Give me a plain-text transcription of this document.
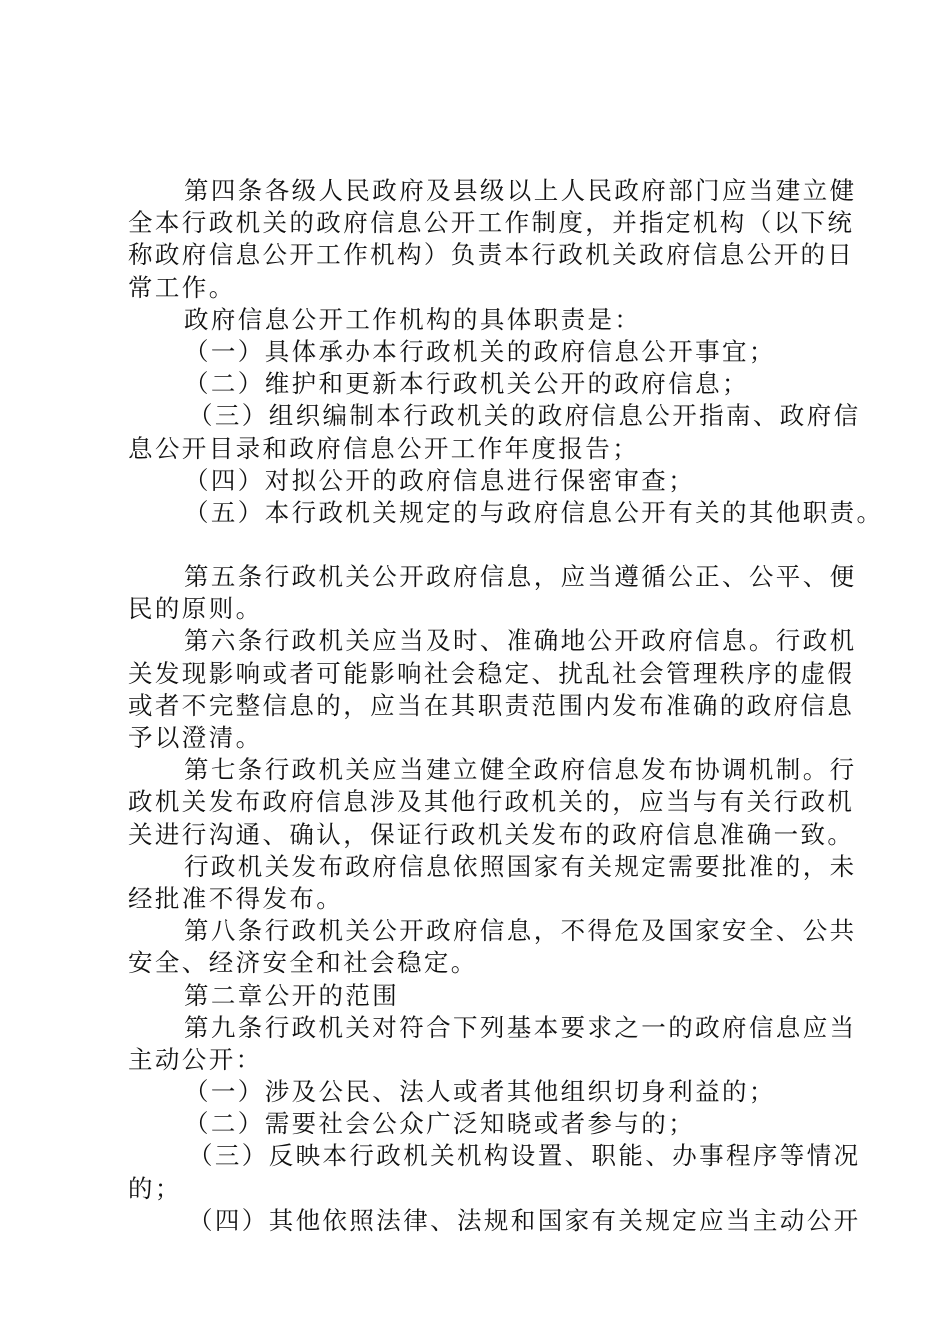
第四条各级人民政府及县级以上人民政府部门应当建立健
全本行政机关的政府信息公开工作制度，并指定机构（以下统
称政府信息公开工作机构）负责本行政机关政府信息公开的日
常工作。
政府信息公开工作机构的具体职责是：
（一）具体承办本行政机关的政府信息公开事宜；
（二）维护和更新本行政机关公开的政府信息；
（三）组织编制本行政机关的政府信息公开指南、政府信
息公开目录和政府信息公开工作年度报告；
（四）对拟公开的政府信息进行保密审查；
（五）本行政机关规定的与政府信息公开有关的其他职责。
第五条行政机关公开政府信息，应当遵循公正、公平、便
民的原则。
第六条行政机关应当及时、准确地公开政府信息。行政机
关发现影响或者可能影响社会稳定、扰乱社会管理秩序的虚假
或者不完整信息的，应当在其职责范围内发布准确的政府信息
予以澄清。
第七条行政机关应当建立健全政府信息发布协调机制。行
政机关发布政府信息涉及其他行政机关的，应当与有关行政机
关进行沟通、确认，保证行政机关发布的政府信息准确一致。
行政机关发布政府信息依照国家有关规定需要批准的，未
经批准不得发布。
第八条行政机关公开政府信息，不得危及国家安全、公共
安全、经济安全和社会稳定。
第二章公开的范围
第九条行政机关对符合下列基本要求之一的政府信息应当
主动公开：
（一）涉及公民、法人或者其他组织切身利益的；
（二）需要社会公众广泛知晓或者参与的；
（三）反映本行政机关机构设置、职能、办事程序等情况
的；
（四）其他依照法律、法规和国家有关规定应当主动公开
